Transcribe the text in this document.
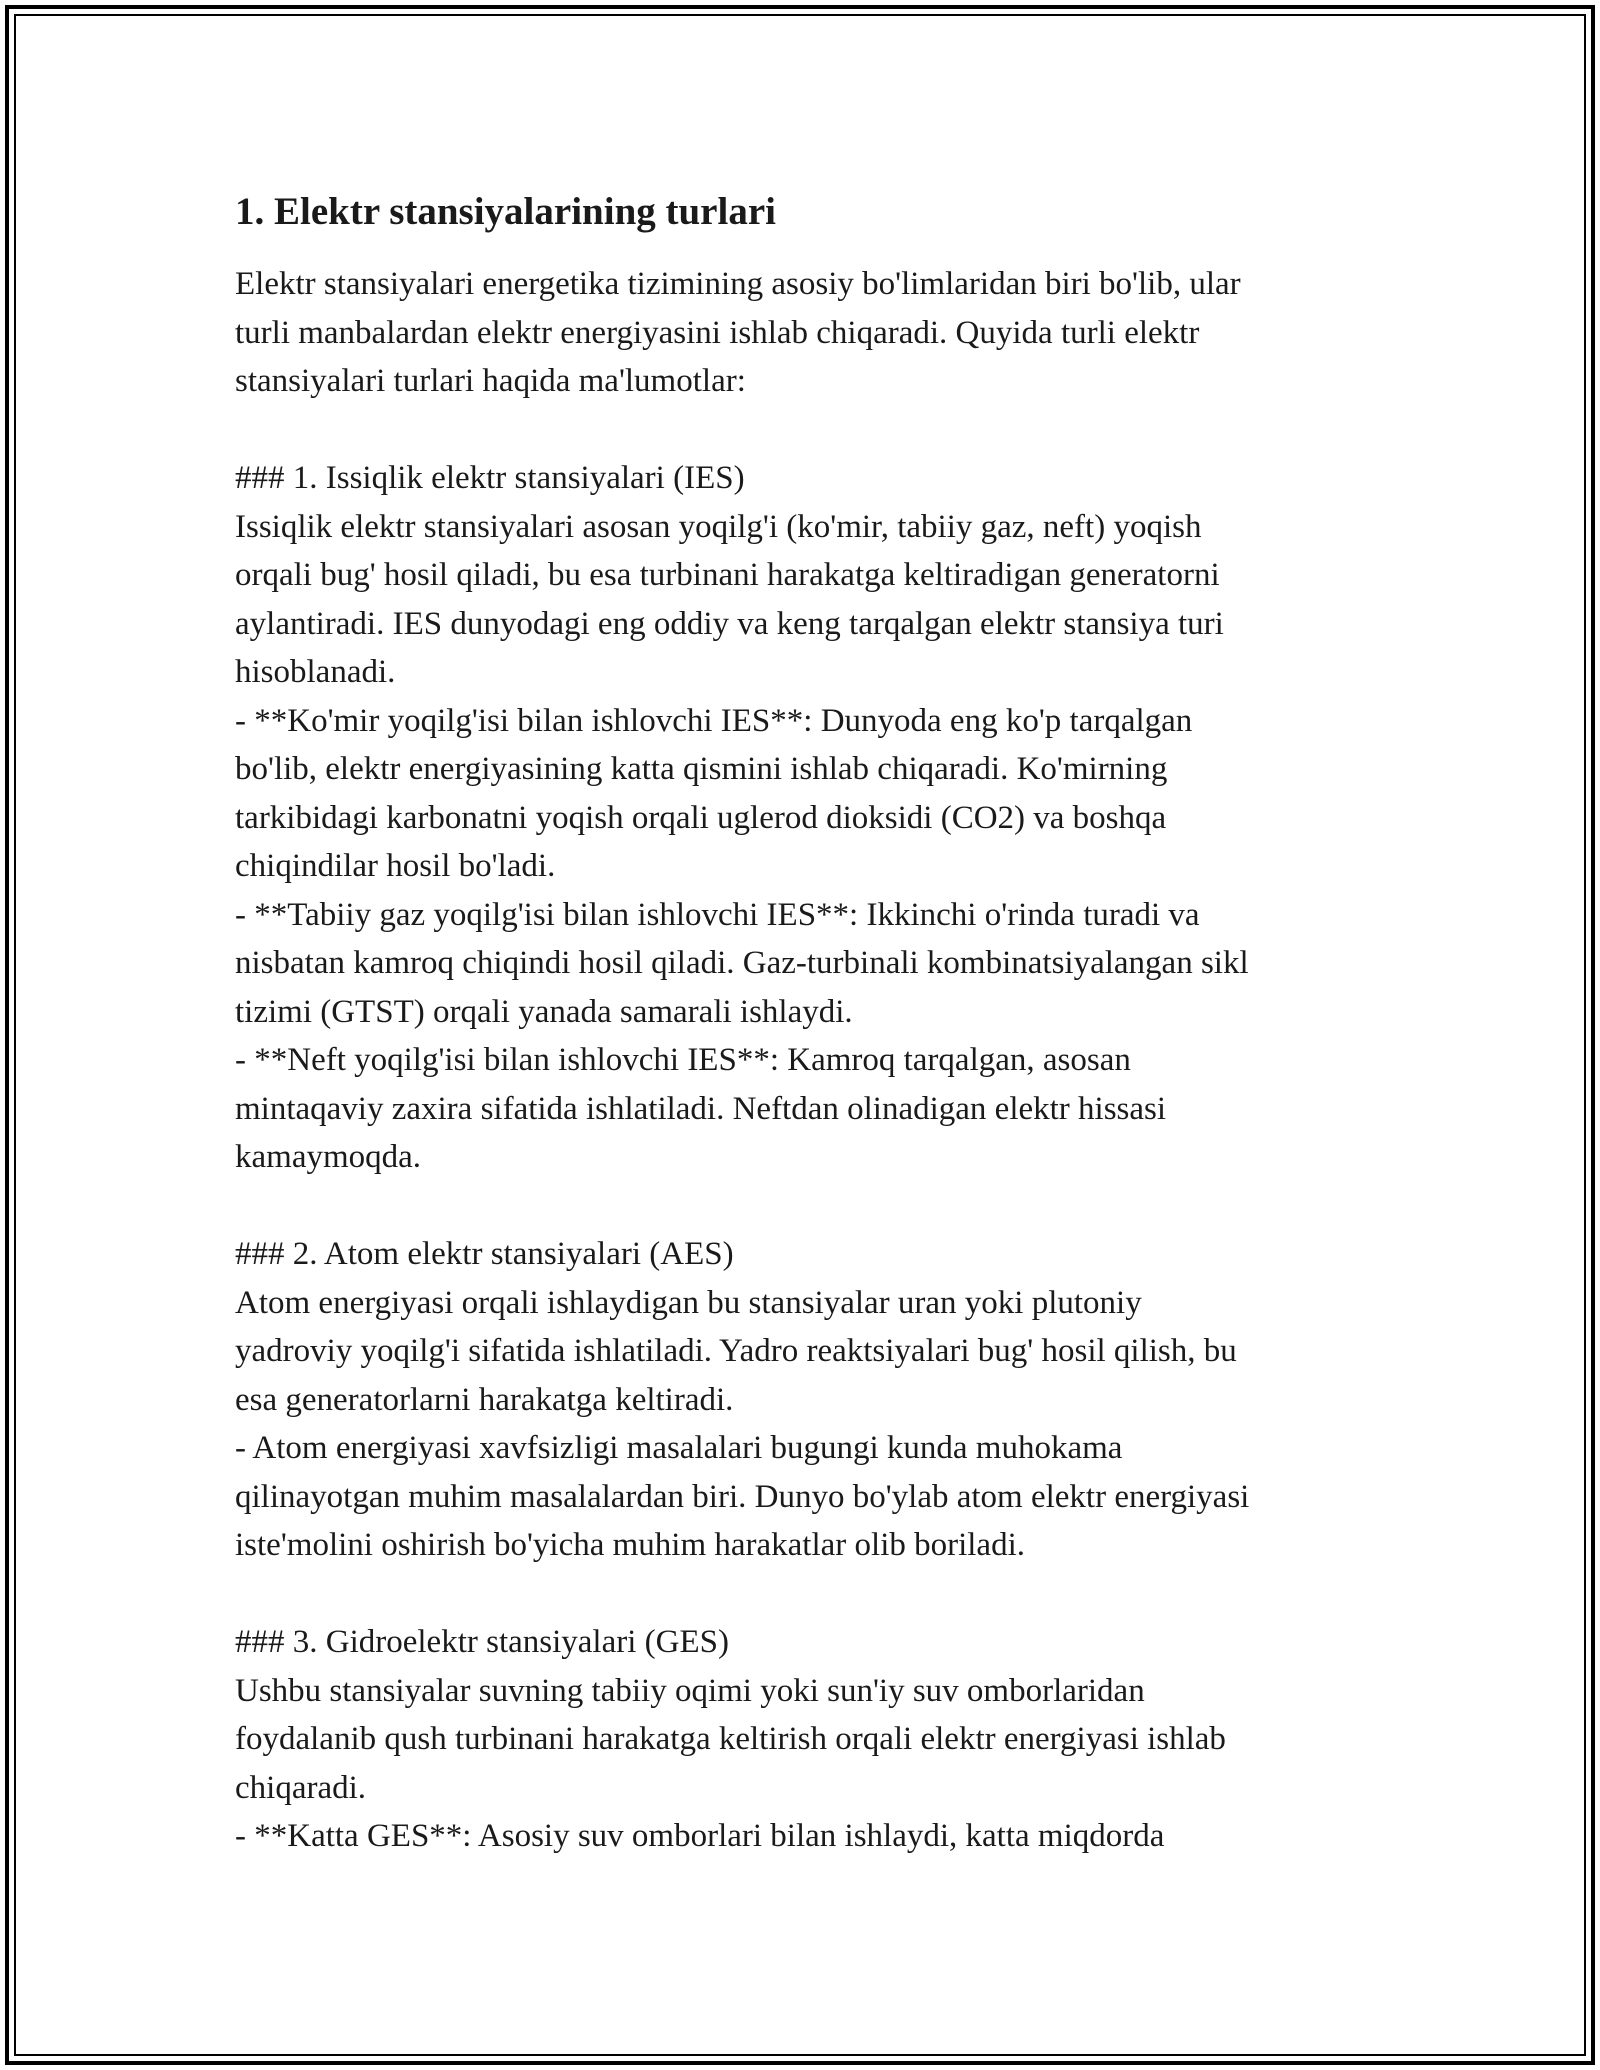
1. Elektr stansiyalarining turlari

Elektr stansiyalari energetika tizimining asosiy bo'limlaridan biri bo'lib, ular
turli manbalardan elektr energiyasini ishlab chiqaradi. Quyida turli elektr
stansiyalari turlari haqida ma'lumotlar:

### 1. Issiqlik elektr stansiyalari (IES)
Issiqlik elektr stansiyalari asosan yoqilg'i (ko'mir, tabiiy gaz, neft) yoqish
orqali bug' hosil qiladi, bu esa turbinani harakatga keltiradigan generatorni
aylantiradi. IES dunyodagi eng oddiy va keng tarqalgan elektr stansiya turi
hisoblanadi.
- **Ko'mir yoqilg'isi bilan ishlovchi IES**: Dunyoda eng ko'p tarqalgan
bo'lib, elektr energiyasining katta qismini ishlab chiqaradi. Ko'mirning
tarkibidagi karbonatni yoqish orqali uglerod dioksidi (CO2) va boshqa
chiqindilar hosil bo'ladi.
- **Tabiiy gaz yoqilg'isi bilan ishlovchi IES**: Ikkinchi o'rinda turadi va
nisbatan kamroq chiqindi hosil qiladi. Gaz-turbinali kombinatsiyalangan sikl
tizimi (GTST) orqali yanada samarali ishlaydi.
- **Neft yoqilg'isi bilan ishlovchi IES**: Kamroq tarqalgan, asosan
mintaqaviy zaxira sifatida ishlatiladi. Neftdan olinadigan elektr hissasi
kamaymoqda.

### 2. Atom elektr stansiyalari (AES)
Atom energiyasi orqali ishlaydigan bu stansiyalar uran yoki plutoniy
yadroviy yoqilg'i sifatida ishlatiladi. Yadro reaktsiyalari bug' hosil qilish, bu
esa generatorlarni harakatga keltiradi.
- Atom energiyasi xavfsizligi masalalari bugungi kunda muhokama
qilinayotgan muhim masalalardan biri. Dunyo bo'ylab atom elektr energiyasi
iste'molini oshirish bo'yicha muhim harakatlar olib boriladi.

### 3. Gidroelektr stansiyalari (GES)
Ushbu stansiyalar suvning tabiiy oqimi yoki sun'iy suv omborlaridan
foydalanib qush turbinani harakatga keltirish orqali elektr energiyasi ishlab
chiqaradi.
- **Katta GES**: Asosiy suv omborlari bilan ishlaydi, katta miqdorda
